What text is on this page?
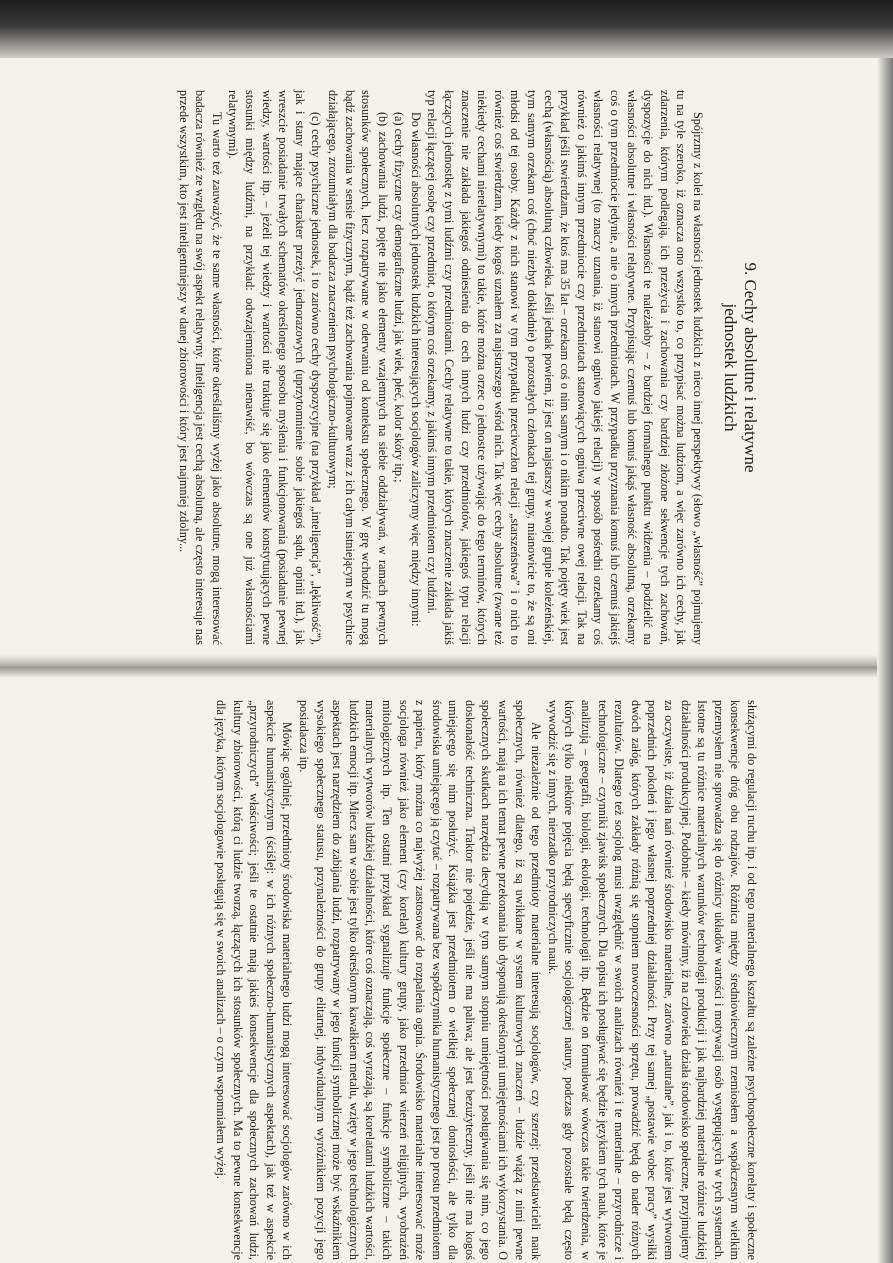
służącymi do regulacji ruchu itp. i od tego materialnego kształtu są zależne psychospołeczne korelaty i społeczne konsekwencje dróg obu rodzajów. Różnica między średniowiecznym rzemiosłem a współczesnym wielkim przemysłem nie sprowadza się do różnicy układów wartości i motywacji osób występujących w tych systemach. Istotne są tu różnice materialnych warunków technologii produkcji i jak najbardziej materialne różnice ludzkiej działalności produkcyjnej. Podobnie – kiedy mówimy, iż na człowieka działa środowisko społeczne, przyjmujemy za oczywiste, iż działa nań również środowisko materialne, zarówno „naturalne”, jak i to, które jest wytworem poprzednich pokoleń i jego własnej poprzedniej działalności. Przy tej samej „postawie wobec pracy” wysiłki dwóch załóg, których zakłady różnią się stopniem nowoczesności sprzętu, prowadzić będą do nader różnych rezultatów. Dlatego też socjolog musi uwzględnić w swoich analizach również i te materialne – przyrodnicze i technologiczne – czynniki zjawisk społecznych. Dla opisu ich posługiwać się będzie językiem tych nauk, które je analizują – geografii, biologii, ekologii, technologii itp. Będzie on formułować wówczas takie twierdzenia, w których tylko niektóre pojęcia będą specyficznie socjologicznej natury, podczas gdy pozostałe będą często wywodzić się z innych, nierzadko przyrodniczych nauk.

Ale niezależnie od tego przedmioty materialne interesują socjologów, czy szerzej: przedstawicieli nauk społecznych, również dlatego, iż są uwikłane w system kulturowych znaczeń – ludzie wiążą z nimi pewne wartości, mają na ich temat pewne przekonania lub dysponują określonymi umiejętnościami ich wykorzystania. O społecznych skutkach narzędzia decydują w tym samym stopniu umiejętności posługiwania się nim, co jego doskonałość techniczna. Traktor nie pojedzie, jeśli nie ma paliwa; ale jest bezużyteczny, jeśli nie ma kogoś umiejącego się nim posłużyć. Książka jest przedmiotem o wielkiej społecznej doniosłości, ale tylko dla środowiska umiejącego ją czytać – rozpatrywana bez współczynnika humanistycznego jest po prostu przedmiotem z papieru, który można co najwyżej zastosować do rozpalenia ognia. Środowisko materialne interesować może socjologa również jako element (czy korelat) kultury grupy, jako przedmiot wierzeń religijnych, wyobrażeń mitologicznych itp. Ten ostatni przykład sygnalizuje funkcje społeczne – funkcje symboliczne – takich materialnych wytworów ludzkiej działalności, które coś oznaczają, coś wyrażają, są korelatami ludzkich wartości, ludzkich emocji itp. Miecz sam w sobie jest tylko określonym kawałkiem metalu, wzięty w jego technologicznych aspektach jest narzędziem do zabijania ludzi, rozpatrywany w jego funkcji symbolicznej może być wskaźnikiem wysokiego społecznego statusu, przynależności do grupy elitarnej, indywidualnym wyróżnikiem pozycji jego posiadacza itp.

Mówiąc ogólniej, przedmioty środowiska materialnego ludzi mogą interesować socjologów zarówno w ich aspekcie humanistycznym (ściślej: w ich różnych społeczno-humanistycznych aspektach), jak też w aspekcie „przyrodniczych” właściwości; jeśli te ostatnie mają jakieś konsekwencje dla społecznych zachowań ludzi, kultury zbiorowości, którą ci ludzie tworzą, łączących ich stosunków społecznych. Ma to pewne konsekwencje dla języka, którym socjologowie posługują się w swoich analizach – o czym wspomniałem wyżej.

9. Cechy absolutne i relatywne
jednostek ludzkich

Spójrzmy z kolei na własności jednostek ludzkich z nieco innej perspektywy (słowo „własność” pojmujemy tu na tyle szeroko, iż oznacza ono wszystko to, co przypisać można ludziom, a więc zarówno ich cechy, jak zdarzenia, którym podlegają, ich przeżycia i zachowania czy bardziej złożone sekwencje tych zachowań, dyspozycje do nich itd.). Własności te należałoby – z bardziej formalnego punktu widzenia – podzielić na własności absolutne i własności relatywne. Przypisując czemuś lub komuś jakąś własność absolutną, orzekamy coś o tym przedmiocie jedynie, a nie o innych przedmiotach. W przypadku przyznania komuś lub czemuś jakiejś własności relatywnej (to znaczy uznania, iż stanowi ogniwo jakiejś relacji) w sposób pośredni orzekamy coś również o jakimś innym przedmiocie czy przedmiotach stanowiących ogniwa przeciwne owej relacji. Tak na przykład jeśli stwierdzam, że ktoś ma 35 lat – orzekam coś o nim samym i o nikim ponadto. Tak pojęty wiek jest cechą (własnością) absolutną człowieka. Jeśli jednak powiem, iż jest on najstarszy w swojej grupie koleżeńskiej, tym samym orzekam coś (choć niezbyt dokładnie) o pozostałych członkach tej grupy, mianowicie to, że są oni młodsi od tej osoby. Każdy z nich stanowi w tym przypadku przeciwczłon relacji „starszeństwa” i o nich to również coś stwierdzam, kiedy kogoś uznałem za najstarszego wśród nich. Tak więc cechy absolutne (zwane też niekiedy cechami nierelatywnymi) to takie, które można orzec o jednostce używając do tego terminów, których znaczenie nie zakłada jakiegoś odniesienia do cech innych ludzi czy przedmiotów, jakiegoś typu relacji łączących jednostkę z tymi ludźmi czy przedmiotami. Cechy relatywne to takie, których znaczenie zakłada jakiś typ relacji łączącej osobę czy przedmiot, o którym coś orzekamy, z jakimś innym przedmiotem czy ludźmi.

Do własności absolutnych jednostek ludzkich interesujących socjologów zaliczymy więc między innymi:

(a) cechy fizyczne czy demograficzne ludzi, jak wiek, płeć, kolor skóry itp.;

(b) zachowania ludzi, pojęte nie jako elementy wzajemnych na siebie oddziaływań, w ramach pewnych stosunków społecznych, lecz rozpatrywane w oderwaniu od kontekstu społecznego. W grę wchodzić tu mogą bądź zachowania w sensie fizycznym, bądź też zachowania pojmowane wraz z ich całym istniejącym w psychice działającego, zrozumiałym dla badacza znaczeniem psychologiczno-kulturowym;

(c) cechy psychiczne jednostek, i to zarówno cechy dyspozycyjne (na przykład „inteligencja”, „lękliwość”), jak i stany mające charakter przeżyć jednorazowych (uprzytomnienie sobie jakiegoś sądu, opinii itd.), jak wreszcie posiadanie trwałych schematów określonego sposobu myślenia i funkcjonowania (posiadanie pewnej wiedzy, wartości itp. – jeżeli tej wiedzy i wartości nie traktuje się jako elementów konstytuujących pewne stosunki między ludźmi, na przykład: odwzajemniona nienawiść, bo wówczas są one już własnościami relatywnymi).

Tu warto też zauważyć, że te same własności, które określaliśmy wyżej jako absolutne, mogą interesować badacza również ze względu na swój aspekt relatywny. Inteligencja jest cechą absolutną, ale często interesuje nas przede wszystkim, kto jest inteligentniejszy w danej zbiorowości i który jest najmniej zdolny...
